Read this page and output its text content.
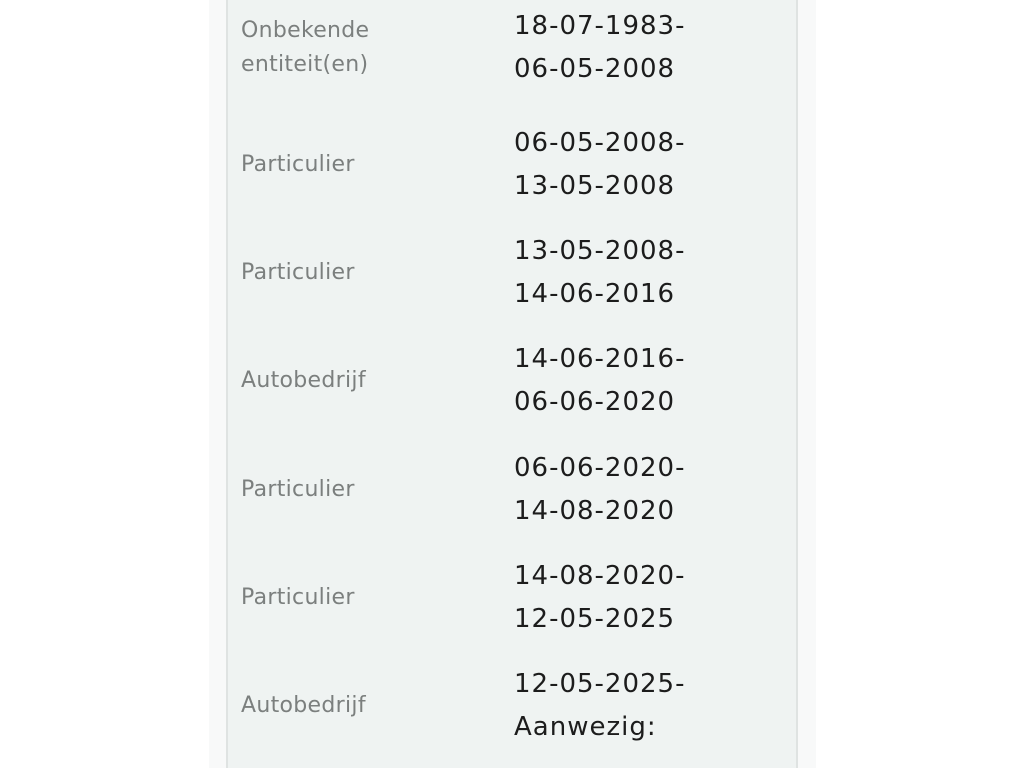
Onbekende entiteit(en)
18-07-1983-
06-05-2008
Particulier
06-05-2008-
13-05-2008
Particulier
13-05-2008-
14-06-2016
Autobedrijf
14-06-2016-
06-06-2020
Particulier
06-06-2020-
14-08-2020
Particulier
14-08-2020-
12-05-2025
Autobedrijf
12-05-2025-
Aanwezig:
